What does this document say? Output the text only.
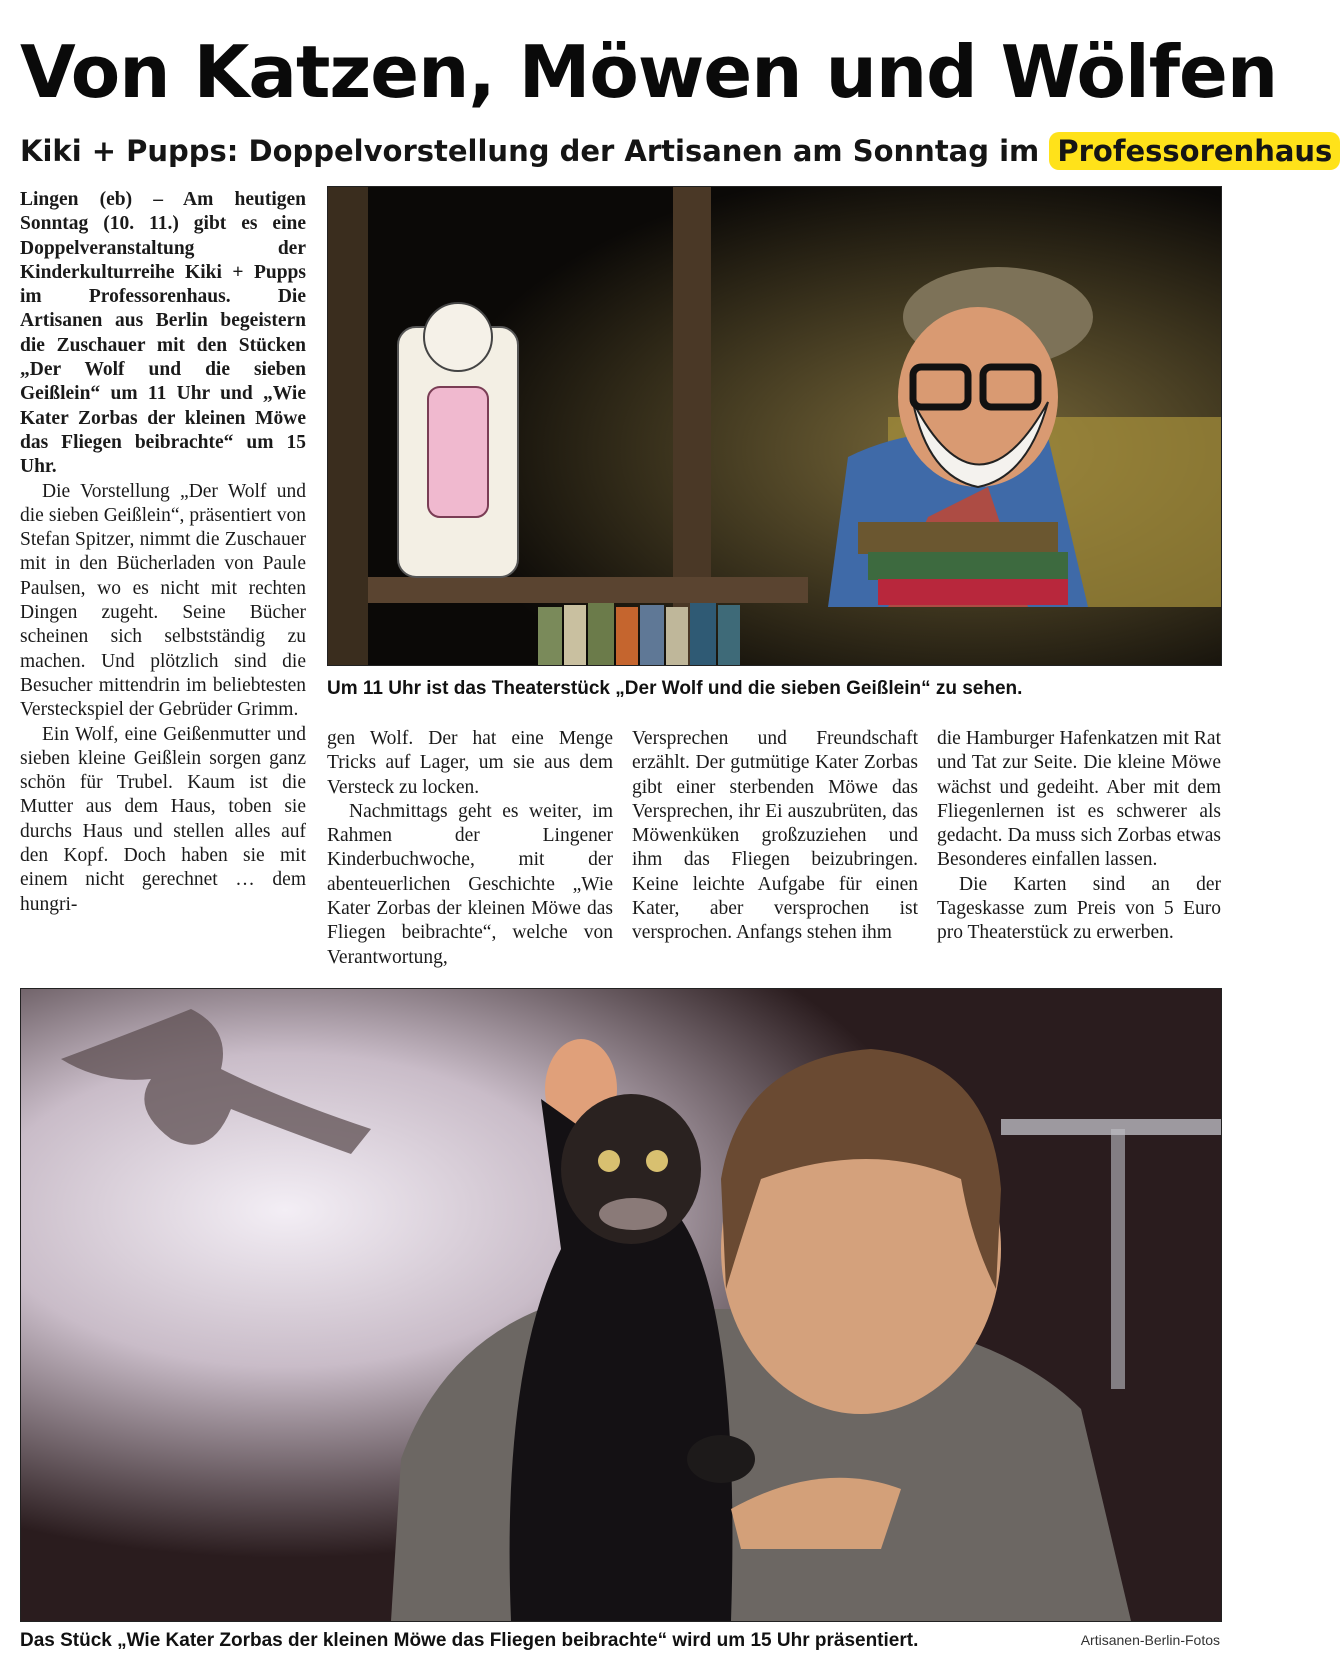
Von Katzen, Möwen und Wölfen
Kiki + Pupps: Doppelvorstellung der Artisanen am Sonntag im Professorenhaus

Lingen (eb) – Am heutigen Sonntag (10. 11.) gibt es eine Doppelveranstaltung der Kinderkulturreihe Kiki + Pupps im Professorenhaus. Die Artisanen aus Berlin begeistern die Zuschauer mit den Stücken „Der Wolf und die sieben Geißlein“ um 11 Uhr und „Wie Kater Zorbas der kleinen Möwe das Fliegen beibrachte“ um 15 Uhr.

Die Vorstellung „Der Wolf und die sieben Geißlein“, präsentiert von Stefan Spitzer, nimmt die Zuschauer mit in den Bücherladen von Paule Paulsen, wo es nicht mit rechten Dingen zugeht. Seine Bücher scheinen sich selbstständig zu machen. Und plötzlich sind die Besucher mittendrin im beliebtesten Versteckspiel der Gebrüder Grimm.

Ein Wolf, eine Geißenmutter und sieben kleine Geißlein sorgen ganz schön für Trubel. Kaum ist die Mutter aus dem Haus, toben sie durchs Haus und stellen alles auf den Kopf. Doch haben sie mit einem nicht gerechnet … dem hungri-

gen Wolf. Der hat eine Menge Tricks auf Lager, um sie aus dem Versteck zu locken.

Nachmittags geht es weiter, im Rahmen der Lingener Kinderbuchwoche, mit der abenteuerlichen Geschichte „Wie Kater Zorbas der kleinen Möwe das Fliegen beibrachte“, welche von Verantwortung,

Versprechen und Freundschaft erzählt. Der gutmütige Kater Zorbas gibt einer sterbenden Möwe das Versprechen, ihr Ei auszubrüten, das Möwenküken großzuziehen und ihm das Fliegen beizubringen. Keine leichte Aufgabe für einen Kater, aber versprochen ist versprochen. Anfangs stehen ihm

die Hamburger Hafenkatzen mit Rat und Tat zur Seite. Die kleine Möwe wächst und gedeiht. Aber mit dem Fliegenlernen ist es schwerer als gedacht. Da muss sich Zorbas etwas Besonderes einfallen lassen.

Die Karten sind an der Tageskasse zum Preis von 5 Euro pro Theaterstück zu erwerben.

Um 11 Uhr ist das Theaterstück „Der Wolf und die sieben Geißlein“ zu sehen.

Das Stück „Wie Kater Zorbas der kleinen Möwe das Fliegen beibrachte“ wird um 15 Uhr präsentiert.	Artisanen-Berlin-Fotos
